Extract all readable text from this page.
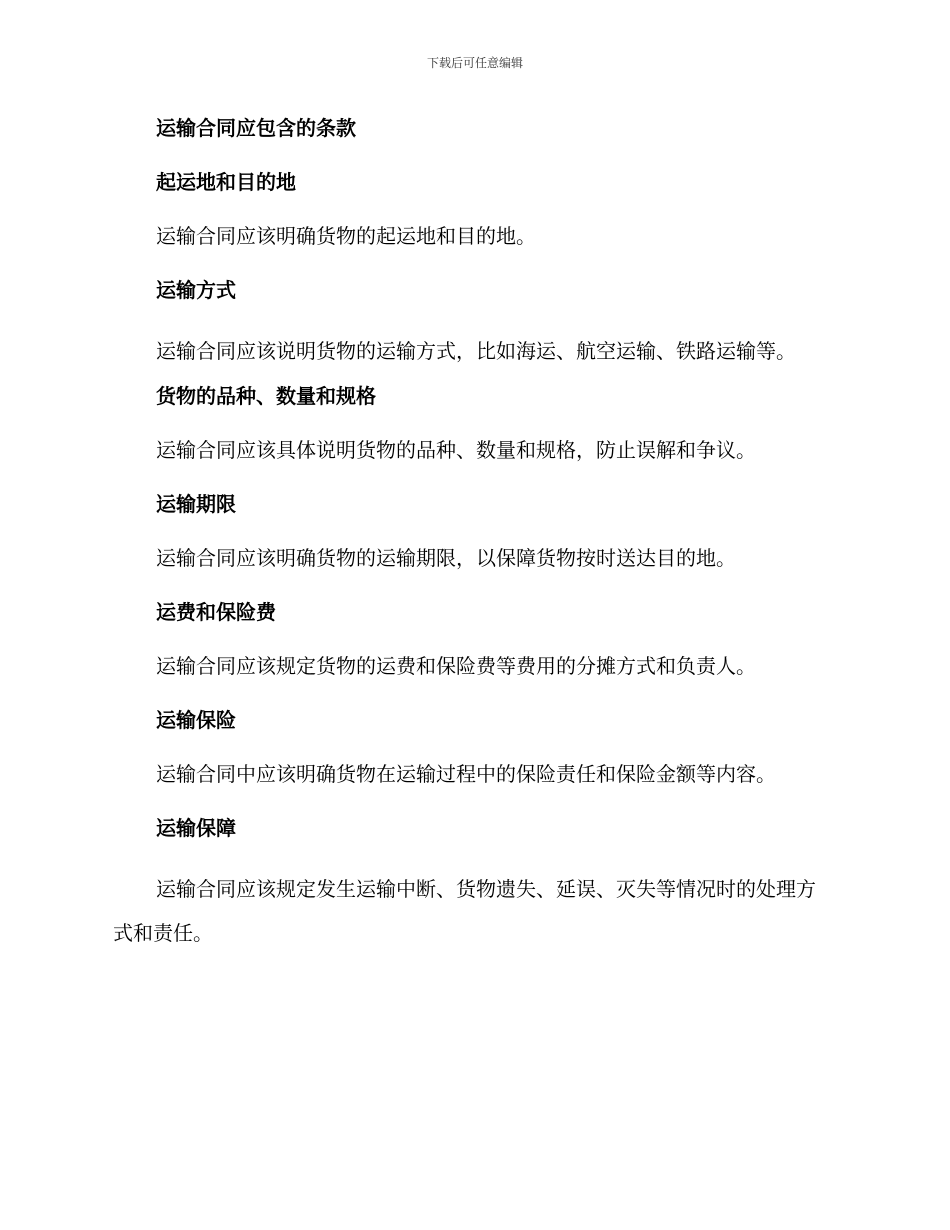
下载后可任意编辑
运输合同应包含的条款
起运地和目的地
运输合同应该明确货物的起运地和目的地。
运输方式
运输合同应该说明货物的运输方式，比如海运、航空运输、铁路运输等。
货物的品种、数量和规格
运输合同应该具体说明货物的品种、数量和规格，防止误解和争议。
运输期限
运输合同应该明确货物的运输期限，以保障货物按时送达目的地。
运费和保险费
运输合同应该规定货物的运费和保险费等费用的分摊方式和负责人。
运输保险
运输合同中应该明确货物在运输过程中的保险责任和保险金额等内容。
运输保障
运输合同应该规定发生运输中断、货物遗失、延误、灭失等情况时的处理方式和责任。
